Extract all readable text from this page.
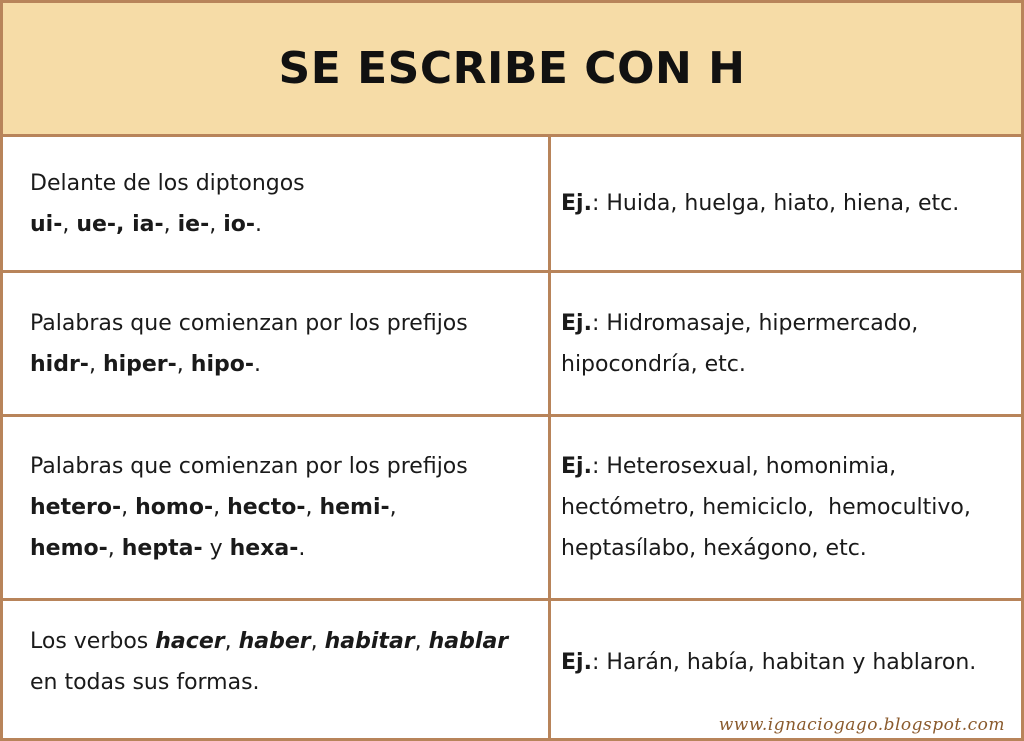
SE ESCRIBE CON H
Delante de los diptongos
ui-, ue-, ia-, ie-, io-.
Ej.: Huida, huelga, hiato, hiena, etc.
Palabras que comienzan por los prefijos
hidr-, hiper-, hipo-.
Ej.: Hidromasaje, hipermercado,
hipocondría, etc.
Palabras que comienzan por los prefijos
hetero-, homo-, hecto-, hemi-,
hemo-, hepta- y hexa-.
Ej.: Heterosexual, homonimia,
hectómetro, hemiciclo,  hemocultivo,
heptasílabo, hexágono, etc.
Los verbos hacer, haber, habitar, hablar
en todas sus formas.
Ej.: Harán, había, habitan y hablaron.
www.ignaciogago.blogspot.com
